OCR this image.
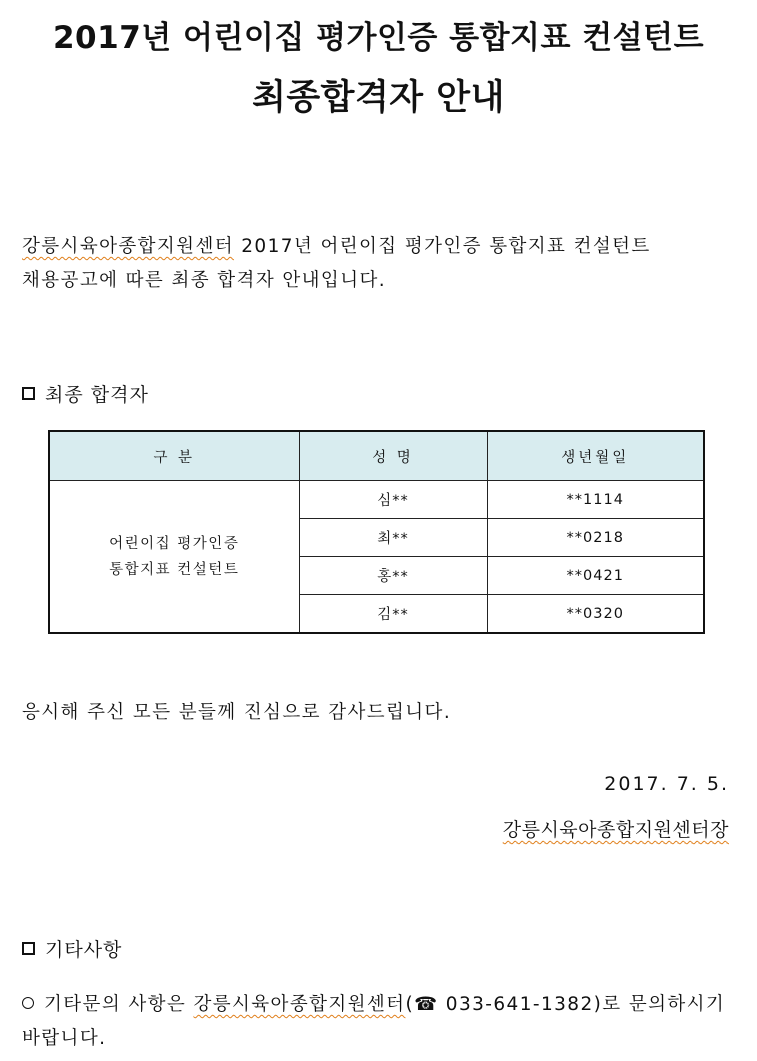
2017년 어린이집 평가인증 통합지표 컨설턴트
최종합격자 안내
강릉시육아종합지원센터 2017년 어린이집 평가인증 통합지표 컨설턴트
채용공고에 따른 최종 합격자 안내입니다.
최종 합격자
구 분	성 명	생년월일

어린이집 평가인증
통합지표 컨설턴트	심**	**1114
	최**	**0218
	홍**	**0421
	김**	**0320
응시해 주신 모든 분들께 진심으로 감사드립니다.
2017. 7. 5.
강릉시육아종합지원센터장
기타사항
기타문의 사항은 강릉시육아종합지원센터(☎ 033-641-1382)로 문의하시기
바랍니다.
